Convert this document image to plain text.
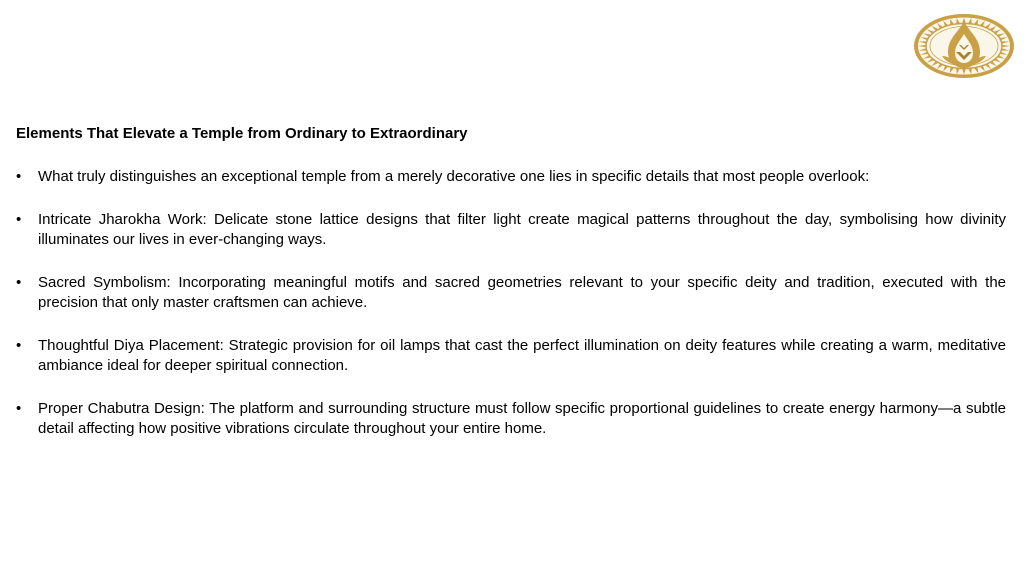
Elements That Elevate a Temple from Ordinary to Extraordinary
• What truly distinguishes an exceptional temple from a merely decorative one lies in specific details that most people overlook:
• Intricate Jharokha Work: Delicate stone lattice designs that filter light create magical patterns throughout the day, symbolising how divinity illuminates our lives in ever-changing ways.
• Sacred Symbolism: Incorporating meaningful motifs and sacred geometries relevant to your specific deity and tradition, executed with the precision that only master craftsmen can achieve.
• Thoughtful Diya Placement: Strategic provision for oil lamps that cast the perfect illumination on deity features while creating a warm, meditative ambiance ideal for deeper spiritual connection.
• Proper Chabutra Design: The platform and surrounding structure must follow specific proportional guidelines to create energy harmony—a subtle detail affecting how positive vibrations circulate throughout your entire home.
